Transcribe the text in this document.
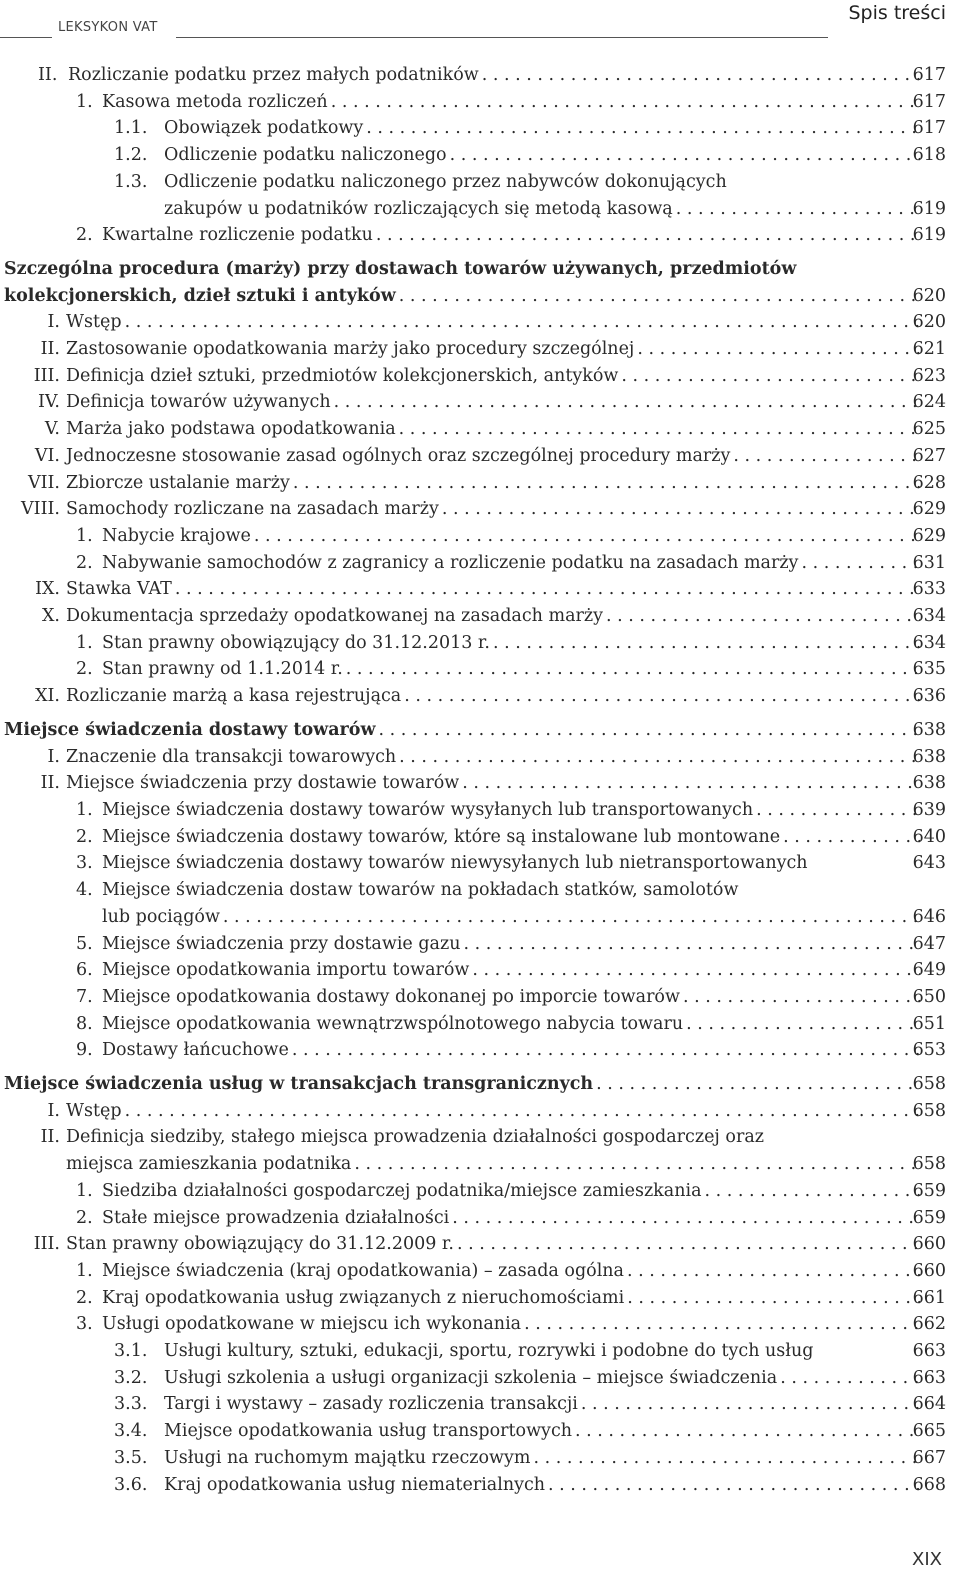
LEKSYKON VAT
Spis treści
II. Rozliczanie podatku przez małych podatników . . .	617
1. Kasowa metoda rozliczeń . . .	617
1.1. Obowiązek podatkowy . . .	617
1.2. Odliczenie podatku naliczonego . . .	618
1.3. Odliczenie podatku naliczonego przez nabywców dokonujących
zakupów u podatników rozliczających się metodą kasową . . .	619
2. Kwartalne rozliczenie podatku . . .	619
Szczególna procedura (marży) przy dostawach towarów używanych, przedmiotów
kolekcjonerskich, dzieł sztuki i antyków . . .	620
I. Wstęp . . .	620
II. Zastosowanie opodatkowania marży jako procedury szczególnej . . .	621
III. Definicja dzieł sztuki, przedmiotów kolekcjonerskich, antyków . . .	623
IV. Definicja towarów używanych . . .	624
V. Marża jako podstawa opodatkowania . . .	625
VI. Jednoczesne stosowanie zasad ogólnych oraz szczególnej procedury marży . . .	627
VII. Zbiorcze ustalanie marży . . .	628
VIII. Samochody rozliczane na zasadach marży . . .	629
1. Nabycie krajowe . . .	629
2. Nabywanie samochodów z zagranicy a rozliczenie podatku na zasadach marży . . .	631
IX. Stawka VAT . . .	633
X. Dokumentacja sprzedaży opodatkowanej na zasadach marży . . .	634
1. Stan prawny obowiązujący do 31.12.2013 r. . . .	634
2. Stan prawny od 1.1.2014 r. . . .	635
XI. Rozliczanie marżą a kasa rejestrująca . . .	636
Miejsce świadczenia dostawy towarów . . .	638
I. Znaczenie dla transakcji towarowych . . .	638
II. Miejsce świadczenia przy dostawie towarów . . .	638
1. Miejsce świadczenia dostawy towarów wysyłanych lub transportowanych . . .	639
2. Miejsce świadczenia dostawy towarów, które są instalowane lub montowane . . .	640
3. Miejsce świadczenia dostawy towarów niewysyłanych lub nietransportowanych	643
4. Miejsce świadczenia dostaw towarów na pokładach statków, samolotów
lub pociągów . . .	646
5. Miejsce świadczenia przy dostawie gazu . . .	647
6. Miejsce opodatkowania importu towarów . . .	649
7. Miejsce opodatkowania dostawy dokonanej po imporcie towarów . . .	650
8. Miejsce opodatkowania wewnątrzwspólnotowego nabycia towaru . . .	651
9. Dostawy łańcuchowe . . .	653
Miejsce świadczenia usług w transakcjach transgranicznych . . .	658
I. Wstęp . . .	658
II. Definicja siedziby, stałego miejsca prowadzenia działalności gospodarczej oraz
miejsca zamieszkania podatnika . . .	658
1. Siedziba działalności gospodarczej podatnika/miejsce zamieszkania . . .	659
2. Stałe miejsce prowadzenia działalności . . .	659
III. Stan prawny obowiązujący do 31.12.2009 r. . . .	660
1. Miejsce świadczenia (kraj opodatkowania) – zasada ogólna . . .	660
2. Kraj opodatkowania usług związanych z nieruchomościami . . .	661
3. Usługi opodatkowane w miejscu ich wykonania . . .	662
3.1. Usługi kultury, sztuki, edukacji, sportu, rozrywki i podobne do tych usług	663
3.2. Usługi szkolenia a usługi organizacji szkolenia – miejsce świadczenia . . .	663
3.3. Targi i wystawy – zasady rozliczenia transakcji . . .	664
3.4. Miejsce opodatkowania usług transportowych . . .	665
3.5. Usługi na ruchomym majątku rzeczowym . . .	667
3.6. Kraj opodatkowania usług niematerialnych . . .	668
XIX
